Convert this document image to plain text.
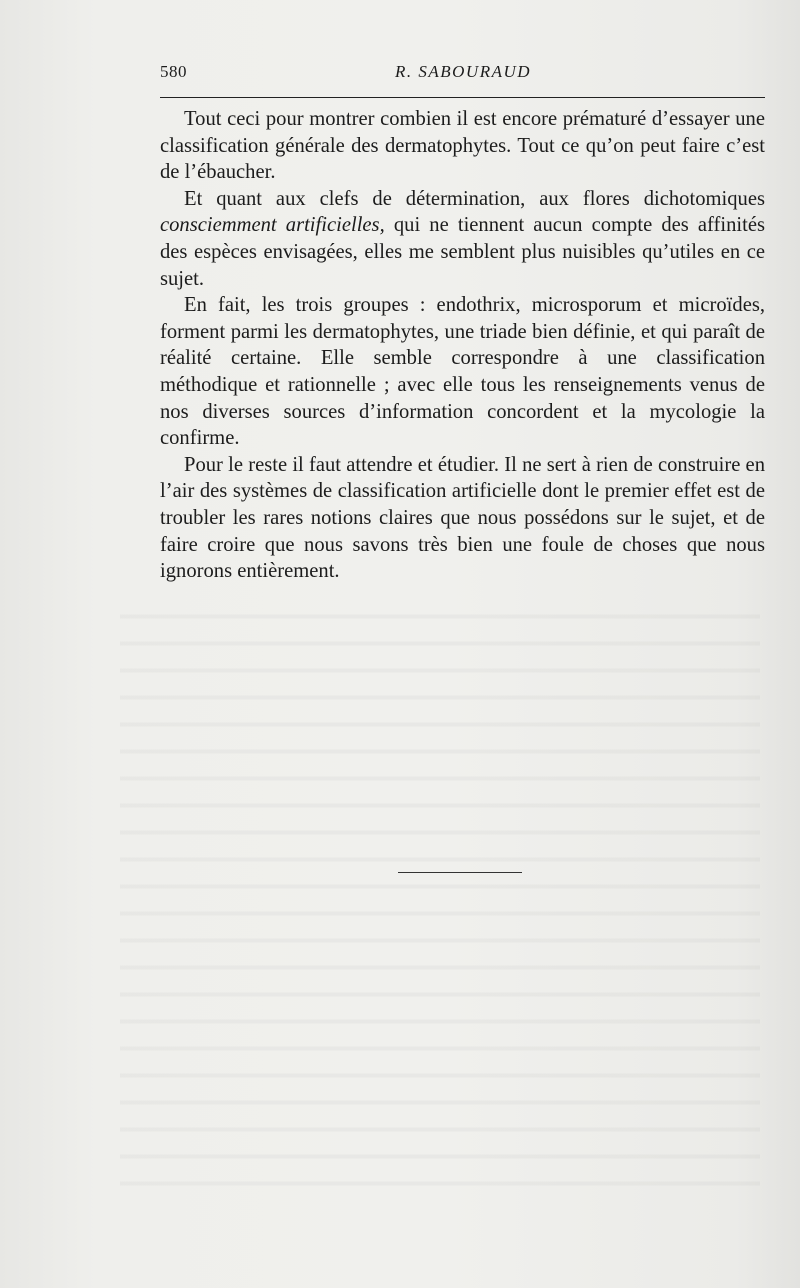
580	R. SABOURAUD

Tout ceci pour montrer combien il est encore prématuré d’essayer une classification générale des dermatophytes. Tout ce qu’on peut faire c’est de l’ébaucher.

Et quant aux clefs de détermination, aux flores dichotomiques consciemment artificielles, qui ne tiennent aucun compte des affinités des espèces envisagées, elles me semblent plus nuisibles qu’utiles en ce sujet.

En fait, les trois groupes : endothrix, microsporum et microïdes, forment parmi les dermatophytes, une triade bien définie, et qui paraît de réalité certaine. Elle semble correspondre à une classification méthodique et rationnelle ; avec elle tous les renseignements venus de nos diverses sources d’information concordent et la mycologie la confirme.

Pour le reste il faut attendre et étudier. Il ne sert à rien de construire en l’air des systèmes de classification artificielle dont le premier effet est de troubler les rares notions claires que nous possédons sur le sujet, et de faire croire que nous savons très bien une foule de choses que nous ignorons entièrement.
